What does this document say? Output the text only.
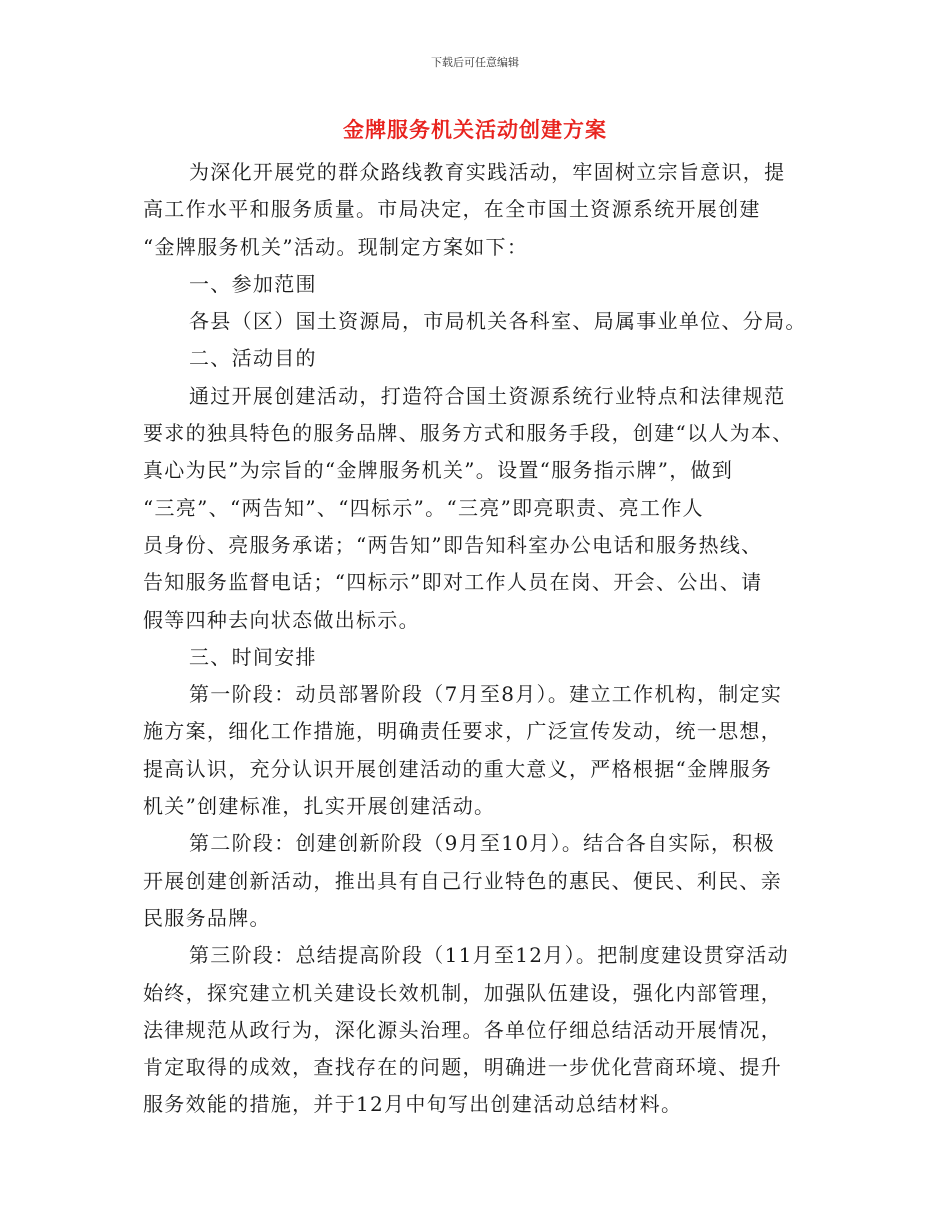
下载后可任意编辑
金牌服务机关活动创建方案
为深化开展党的群众路线教育实践活动，牢固树立宗旨意识，提
高工作水平和服务质量。市局决定，在全市国土资源系统开展创建
“金牌服务机关”活动。现制定方案如下：
一、参加范围
各县（区）国土资源局，市局机关各科室、局属事业单位、分局。
二、活动目的
通过开展创建活动，打造符合国土资源系统行业特点和法律规范
要求的独具特色的服务品牌、服务方式和服务手段，创建“以人为本、
真心为民”为宗旨的“金牌服务机关”。设置“服务指示牌”，做到
“三亮”、“两告知”、“四标示”。“三亮”即亮职责、亮工作人
员身份、亮服务承诺；“两告知”即告知科室办公电话和服务热线、
告知服务监督电话；“四标示”即对工作人员在岗、开会、公出、请
假等四种去向状态做出标示。
三、时间安排
第一阶段：动员部署阶段（7月至8月）。建立工作机构，制定实
施方案，细化工作措施，明确责任要求，广泛宣传发动，统一思想，
提高认识，充分认识开展创建活动的重大意义，严格根据“金牌服务
机关”创建标准，扎实开展创建活动。
第二阶段：创建创新阶段（9月至10月）。结合各自实际，积极
开展创建创新活动，推出具有自己行业特色的惠民、便民、利民、亲
民服务品牌。
第三阶段：总结提高阶段（11月至12月）。把制度建设贯穿活动
始终，探究建立机关建设长效机制，加强队伍建设，强化内部管理，
法律规范从政行为，深化源头治理。各单位仔细总结活动开展情况，
肯定取得的成效，查找存在的问题，明确进一步优化营商环境、提升
服务效能的措施，并于12月中旬写出创建活动总结材料。
